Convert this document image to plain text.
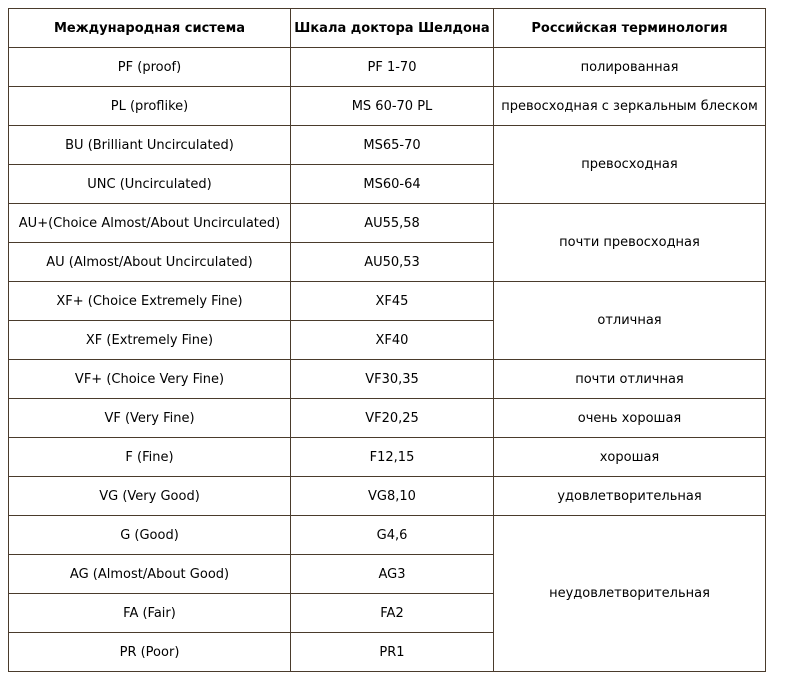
Международная система	Шкала доктора Шелдона	Российская терминология
PF (proof)	PF 1-70	полированная
PL (proflike)	MS 60-70 PL	превосходная с зеркальным блеском
BU (Brilliant Uncirculated)	MS65-70	превосходная
UNC (Uncirculated)	MS60-64	
AU+(Choice Almost/About Uncirculated)	AU55,58	почти превосходная
AU (Almost/About Uncirculated)	AU50,53	
XF+ (Choice Extremely Fine)	XF45	отличная
XF (Extremely Fine)	XF40	
VF+ (Choice Very Fine)	VF30,35	почти отличная
VF (Very Fine)	VF20,25	очень хорошая
F (Fine)	F12,15	хорошая
VG (Very Good)	VG8,10	удовлетворительная
G (Good)	G4,6	неудовлетворительная
AG (Almost/About Good)	AG3	
FA (Fair)	FA2	
PR (Poor)	PR1	
